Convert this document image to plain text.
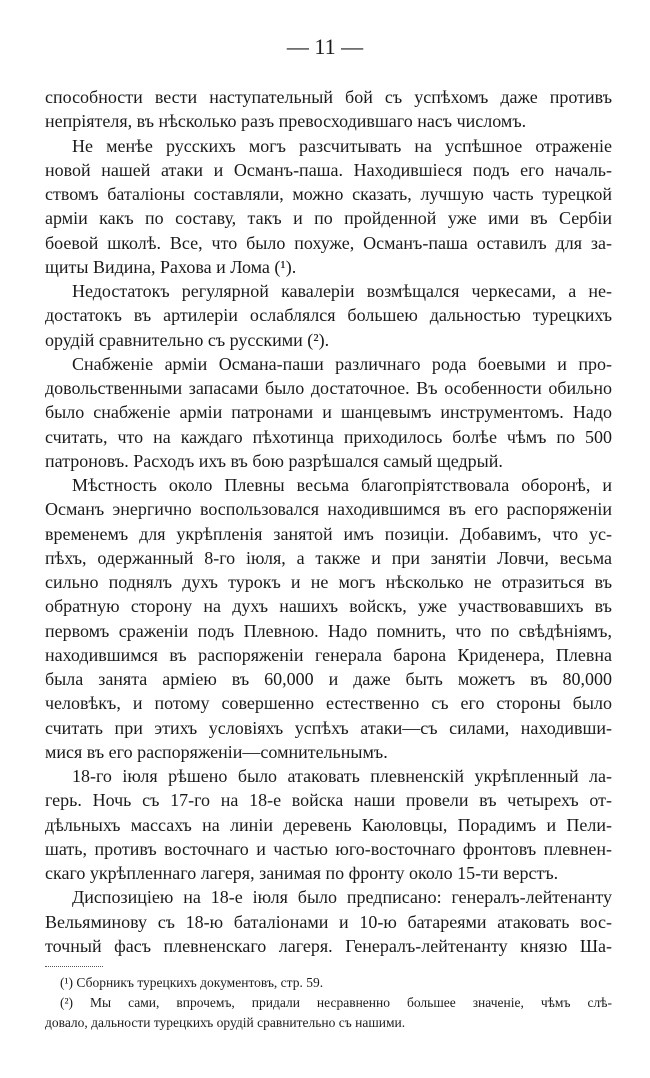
— 11 —
способности вести наступательный бой съ успѣхомъ даже противъ
непріятеля, въ нѣсколько разъ превосходившаго насъ числомъ.
Не менѣе русскихъ могъ разсчитывать на успѣшное отраженіе
новой нашей атаки и Османъ-паша. Находившіеся подъ его началь-
ствомъ баталіоны составляли, можно сказать, лучшую часть турецкой
арміи какъ по составу, такъ и по пройденной уже ими въ Сербіи
боевой школѣ. Все, что было похуже, Османъ-паша оставилъ для за-
щиты Видина, Рахова и Лома (¹).
Недостатокъ регулярной кавалеріи возмѣщался черкесами, а не-
достатокъ въ артилеріи ослаблялся большею дальностью турецкихъ
орудій сравнительно съ русскими (²).
Снабженіе арміи Османа-паши различнаго рода боевыми и про-
довольственными запасами было достаточное. Въ особенности обильно
было снабженіе арміи патронами и шанцевымъ инструментомъ. Надо
считать, что на каждаго пѣхотинца приходилось болѣе чѣмъ по 500
патроновъ. Расходъ ихъ въ бою разрѣшался самый щедрый.
Мѣстность около Плевны весьма благопріятствовала оборонѣ, и
Османъ энергично воспользовался находившимся въ его распоряженіи
временемъ для укрѣпленія занятой имъ позиціи. Добавимъ, что ус-
пѣхъ, одержанный 8-го іюля, а также и при занятіи Ловчи, весьма
сильно поднялъ духъ турокъ и не могъ нѣсколько не отразиться въ
обратную сторону на духъ нашихъ войскъ, уже участвовавшихъ въ
первомъ сраженіи подъ Плевною. Надо помнить, что по свѣдѣніямъ,
находившимся въ распоряженіи генерала барона Криденера, Плевна
была занята арміею въ 60,000 и даже быть можетъ въ 80,000
человѣкъ, и потому совершенно естественно съ его стороны было
считать при этихъ условіяхъ успѣхъ атаки—съ силами, находивши-
мися въ его распоряженіи—сомнительнымъ.
18-го іюля рѣшено было атаковать плевненскій укрѣпленный ла-
герь. Ночь съ 17-го на 18-е войска наши провели въ четырехъ от-
дѣльныхъ массахъ на линіи деревень Каюловцы, Порадимъ и Пели-
шать, противъ восточнаго и частью юго-восточнаго фронтовъ плевнен-
скаго укрѣпленнаго лагеря, занимая по фронту около 15-ти верстъ.
Диспозиціею на 18-е іюля было предписано: генералъ-лейтенанту
Вельяминову съ 18-ю баталіонами и 10-ю батареями атаковать вос-
точный фасъ плевненскаго лагеря. Генералъ-лейтенанту князю Ша-
(¹) Сборникъ турецкихъ документовъ, стр. 59.
(²) Мы сами, впрочемъ, придали несравненно большее значеніе, чѣмъ слѣ-
довало, дальности турецкихъ орудій сравнительно съ нашими.
